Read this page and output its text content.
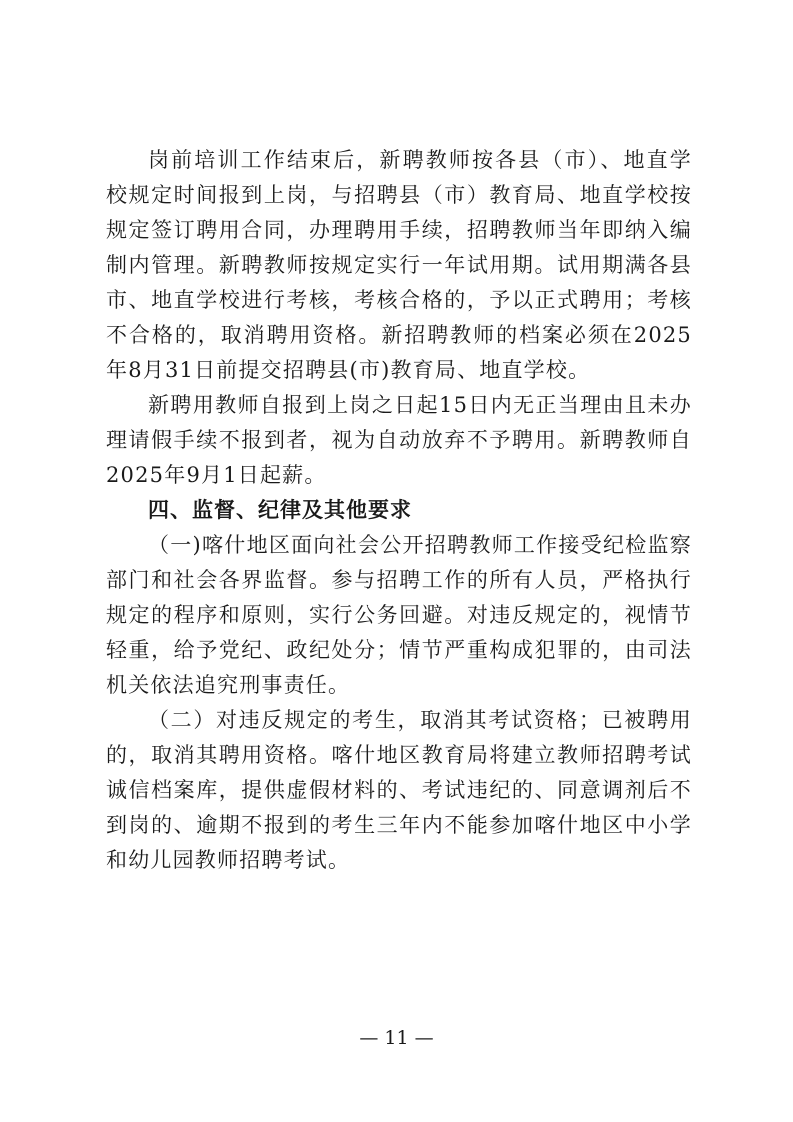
岗前培训工作结束后，新聘教师按各县（市）、地直学校规定时间报到上岗，与招聘县（市）教育局、地直学校按规定签订聘用合同，办理聘用手续，招聘教师当年即纳入编制内管理。新聘教师按规定实行一年试用期。试用期满各县市、地直学校进行考核，考核合格的，予以正式聘用；考核不合格的，取消聘用资格。新招聘教师的档案必须在2025年8月31日前提交招聘县(市)教育局、地直学校。

新聘用教师自报到上岗之日起15日内无正当理由且未办理请假手续不报到者，视为自动放弃不予聘用。新聘教师自2025年9月1日起薪。

四、监督、纪律及其他要求

（一)喀什地区面向社会公开招聘教师工作接受纪检监察部门和社会各界监督。参与招聘工作的所有人员，严格执行规定的程序和原则，实行公务回避。对违反规定的，视情节轻重，给予党纪、政纪处分；情节严重构成犯罪的，由司法机关依法追究刑事责任。

（二）对违反规定的考生，取消其考试资格；已被聘用的，取消其聘用资格。喀什地区教育局将建立教师招聘考试诚信档案库，提供虚假材料的、考试违纪的、同意调剂后不到岗的、逾期不报到的考生三年内不能参加喀什地区中小学和幼儿园教师招聘考试。

— 11 —
